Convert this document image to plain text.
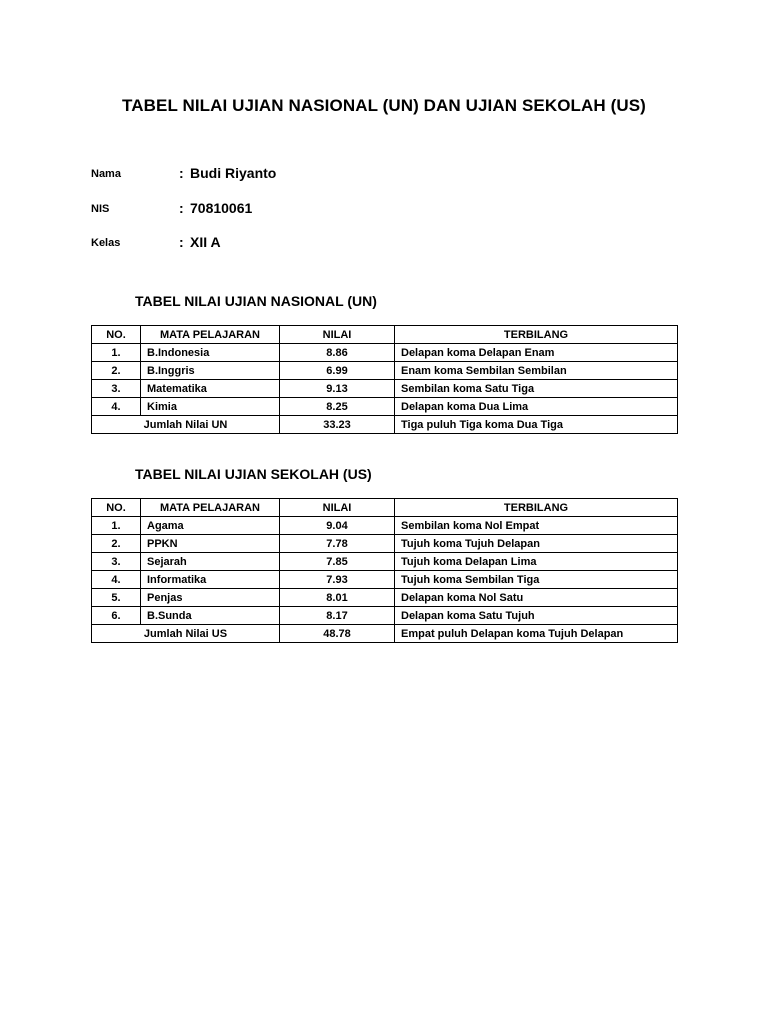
TABEL NILAI UJIAN NASIONAL (UN) DAN UJIAN SEKOLAH (US)
Nama	: Budi Riyanto
NIS	: 70810061
Kelas	: XII A
TABEL NILAI UJIAN NASIONAL (UN)
NO.	MATA PELAJARAN	NILAI	TERBILANG
1.	B.Indonesia	8.86	Delapan koma Delapan Enam
2.	B.Inggris	6.99	Enam koma Sembilan Sembilan
3.	Matematika	9.13	Sembilan koma Satu Tiga
4.	Kimia	8.25	Delapan koma Dua Lima
Jumlah Nilai UN		33.23	Tiga puluh Tiga koma Dua Tiga
TABEL NILAI UJIAN SEKOLAH (US)
NO.	MATA PELAJARAN	NILAI	TERBILANG
1.	Agama	9.04	Sembilan koma Nol Empat
2.	PPKN	7.78	Tujuh koma Tujuh Delapan
3.	Sejarah	7.85	Tujuh koma Delapan Lima
4.	Informatika	7.93	Tujuh koma Sembilan Tiga
5.	Penjas	8.01	Delapan koma Nol Satu
6.	B.Sunda	8.17	Delapan koma Satu Tujuh
Jumlah Nilai US		48.78	Empat puluh Delapan koma Tujuh Delapan
